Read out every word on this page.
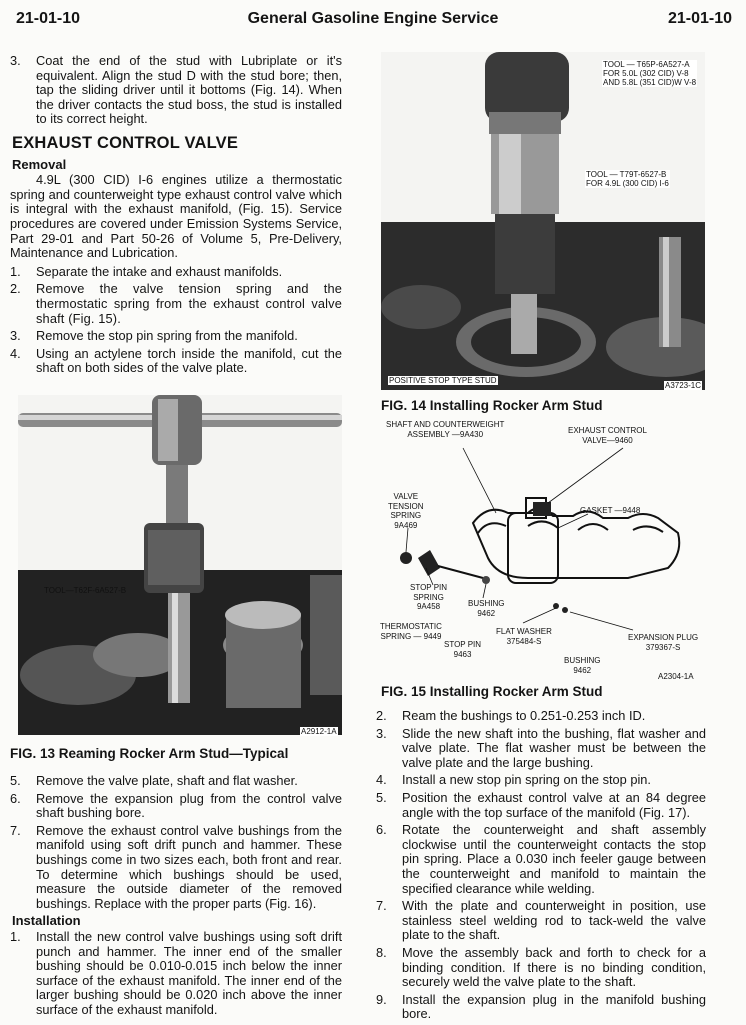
21-01-10	General Gasoline Engine Service	21-01-10
3.	Coat the end of the stud with Lubriplate or it's equivalent. Align the stud D with the stud bore; then, tap the sliding driver until it bottoms (Fig. 14). When the driver contacts the stud boss, the stud is installed to its correct height.
EXHAUST CONTROL VALVE
Removal
4.9L (300 CID) I-6 engines utilize a thermostatic spring and counterweight type exhaust control valve which is integral with the exhaust manifold, (Fig. 15). Service procedures are covered under Emission Systems Service, Part 29-01 and Part 50-26 of Volume 5, Pre-Delivery, Maintenance and Lubrication.
1.	Separate the intake and exhaust manifolds.
2.	Remove the valve tension spring and the thermostatic spring from the exhaust control valve shaft (Fig. 15).
3.	Remove the stop pin spring from the manifold.
4.	Using an actylene torch inside the manifold, cut the shaft on both sides of the valve plate.
TOOL—T62F-6A527-B
A2912-1A
FIG. 13 Reaming Rocker Arm Stud—Typical
5.	Remove the valve plate, shaft and flat washer.
6.	Remove the expansion plug from the control valve shaft bushing bore.
7.	Remove the exhaust control valve bushings from the manifold using soft drift punch and hammer. These bushings come in two sizes each, both front and rear. To determine which bushings should be used, measure the outside diameter of the removed bushings. Replace with the proper parts (Fig. 16).
Installation
1.	Install the new control valve bushings using soft drift punch and hammer. The inner end of the smaller bushing should be 0.010-0.015 inch below the inner surface of the exhaust manifold. The inner end of the larger bushing should be 0.020 inch above the inner surface of the exhaust manifold.
TOOL — T65P-6A527-A
FOR 5.0L (302 CID) V-8
AND 5.8L (351 CID)W V-8
TOOL — T79T-6527-B
FOR 4.9L (300 CID) I-6
POSITIVE STOP TYPE STUD
A3723-1C
FIG. 14 Installing Rocker Arm Stud
SHAFT AND COUNTERWEIGHT
ASSEMBLY —9A430	EXHAUST CONTROL
VALVE—9460
VALVE
TENSION
SPRING
9A469
GASKET —9448
STOP PIN
SPRING
9A458	BUSHING
9462
THERMOSTATIC
SPRING — 9449	FLAT WASHER
375484-S
STOP PIN
9463
EXPANSION PLUG
379367-S
BUSHING
9462
A2304-1A
FIG. 15 Installing Rocker Arm Stud
2.	Ream the bushings to 0.251-0.253 inch ID.
3.	Slide the new shaft into the bushing, flat washer and valve plate. The flat washer must be between the valve plate and the large bushing.
4.	Install a new stop pin spring on the stop pin.
5.	Position the exhaust control valve at an 84 degree angle with the top surface of the manifold (Fig. 17).
6.	Rotate the counterweight and shaft assembly clockwise until the counterweight contacts the stop pin spring. Place a 0.030 inch feeler gauge between the counterweight and manifold to maintain the specified clearance while welding.
7.	With the plate and counterweight in position, use stainless steel welding rod to tack-weld the valve plate to the shaft.
8.	Move the assembly back and forth to check for a binding condition. If there is no binding condition, securely weld the valve plate to the shaft.
9.	Install the expansion plug in the manifold bushing bore.
